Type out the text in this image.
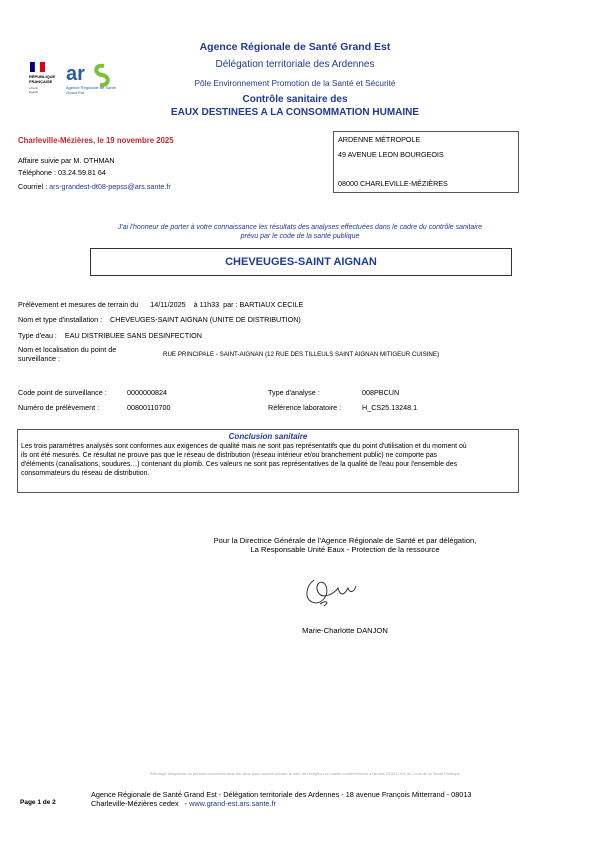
RÉPUBLIQUE
FRANÇAISE
Liberté
Égalité
ar
Agence Régionale de Santé
Grand Est
Agence Régionale de Santé Grand Est
Délégation territoriale des Ardennes
Pôle Environnement Promotion de la Santé et Sécurité
Contrôle sanitaire des
EAUX DESTINEES A LA CONSOMMATION HUMAINE
Charleville-Mézières, le 19 novembre 2025
Affaire suivie par M. OTHMAN
Téléphone : 03.24.59.81 64
Courriel : ars-grandest-dt08-pepss@ars.sante.fr
ARDENNE MÉTROPOLE
49 AVENUE LEON BOURGEOIS
08000 CHARLEVILLE-MÉZIÈRES
J'ai l'honneur de porter à votre connaissance les résultats des analyses effectuées dans le cadre du contrôle sanitaire
prévu par le code de la santé publique
CHEVEUGES-SAINT AIGNAN
Prélèvement et mesures de terrain du      14/11/2025    à 11h33  par : BARTIAUX CECILE
Nom et type d'installation :    CHEVEUGES-SAINT AIGNAN (UNITE DE DISTRIBUTION)
Type d'eau :    EAU DISTRIBUEE SANS DESINFECTION
Nom et localisation du point de
surveillance :	RUE PRINCIPALE - SAINT-AIGNAN (12 RUE DES TILLEULS SAINT AIGNAN MITIGEUR CUISINE)
Code point de surveillance :	0000000824
Numéro de prélèvement :	00800110700
Type d'analyse :	008PBCUN
Référence laboratoire :	H_CS25.13248.1
Conclusion sanitaire
Les trois paramètres analysés sont conformes aux exigences de qualité mais ne sont pas représentatifs que du point d'utilisation et du moment où
ils ont été mesurés. Ce résultat ne prouve pas que le réseau de distribution (réseau intérieur et/ou branchement public) ne comporte pas
d'éléments (canalisations, soudures…) contenant du plomb. Ces valeurs ne sont pas représentatives de la qualité de l'eau pour l'ensemble des
consommateurs du réseau de distribution.
Pour la Directrice Générale de l'Agence Régionale de Santé et par délégation,
La Responsable Unité Eaux - Protection de la ressource
Marie-Charlotte DANJON
Affichage obligatoire du présent document dans les deux jours ouvrés suivant la date de réception en mairie conformément à l'article D1321-104 du Code de la Santé Publique
Page 1 de 2
Agence Régionale de Santé Grand Est - Délégation territoriale des Ardennes - 18 avenue François Mitterrand - 08013
Charleville-Mézières cedex   - www.grand-est.ars.sante.fr
